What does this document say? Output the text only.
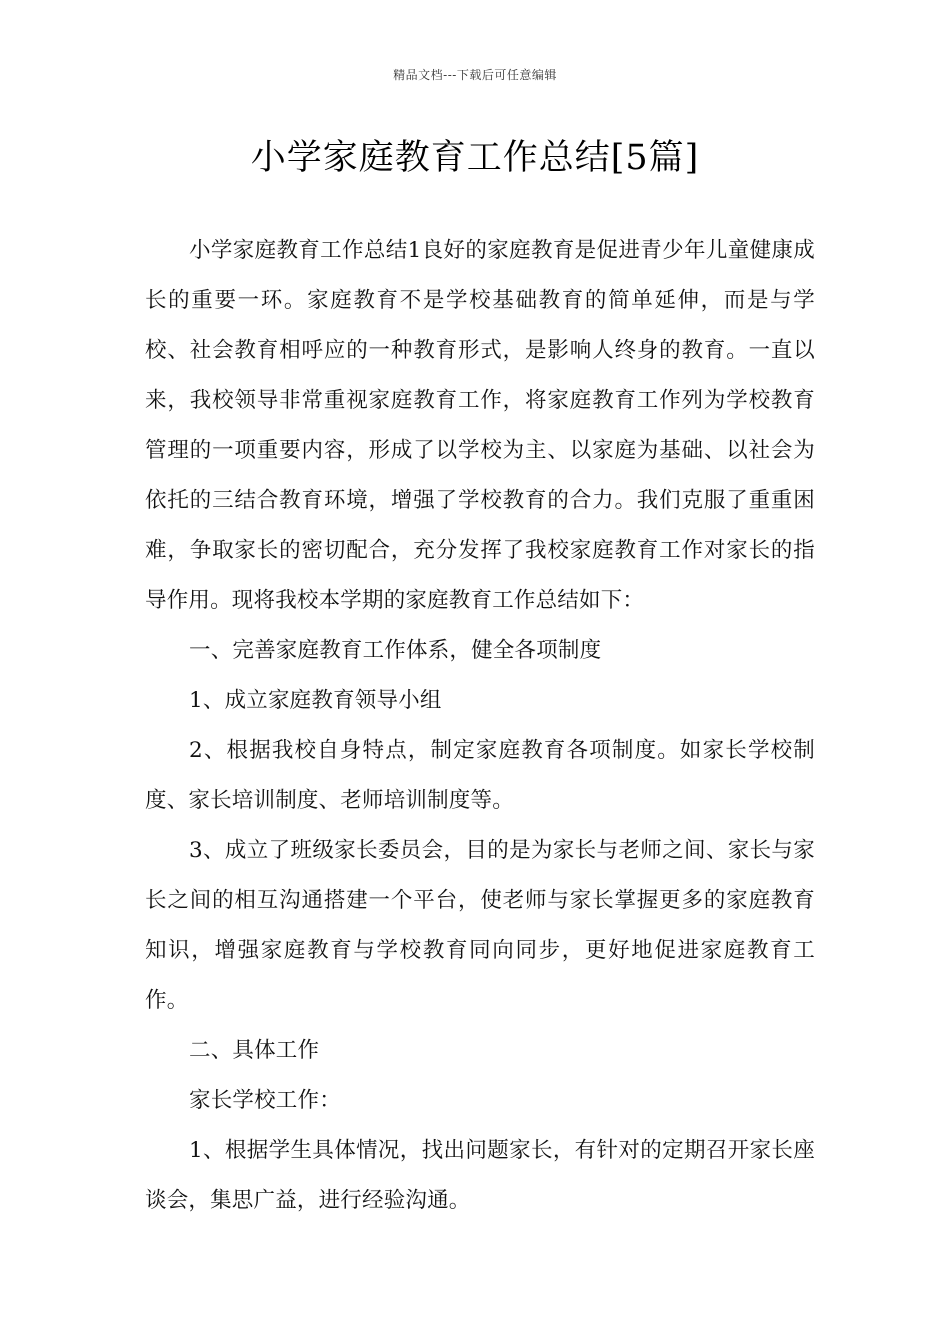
精品文档---下载后可任意编辑
小学家庭教育工作总结[5篇]

小学家庭教育工作总结1良好的家庭教育是促进青少年儿童健康成长的重要一环。家庭教育不是学校基础教育的简单延伸，而是与学校、社会教育相呼应的一种教育形式，是影响人终身的教育。一直以来，我校领导非常重视家庭教育工作，将家庭教育工作列为学校教育管理的一项重要内容，形成了以学校为主、以家庭为基础、以社会为依托的三结合教育环境，增强了学校教育的合力。我们克服了重重困难，争取家长的密切配合，充分发挥了我校家庭教育工作对家长的指导作用。现将我校本学期的家庭教育工作总结如下：

一、完善家庭教育工作体系，健全各项制度

1、成立家庭教育领导小组

2、根据我校自身特点，制定家庭教育各项制度。如家长学校制度、家长培训制度、老师培训制度等。

3、成立了班级家长委员会，目的是为家长与老师之间、家长与家长之间的相互沟通搭建一个平台，使老师与家长掌握更多的家庭教育知识，增强家庭教育与学校教育同向同步，更好地促进家庭教育工作。

二、具体工作

家长学校工作：

1、根据学生具体情况，找出问题家长，有针对的定期召开家长座谈会，集思广益，进行经验沟通。
